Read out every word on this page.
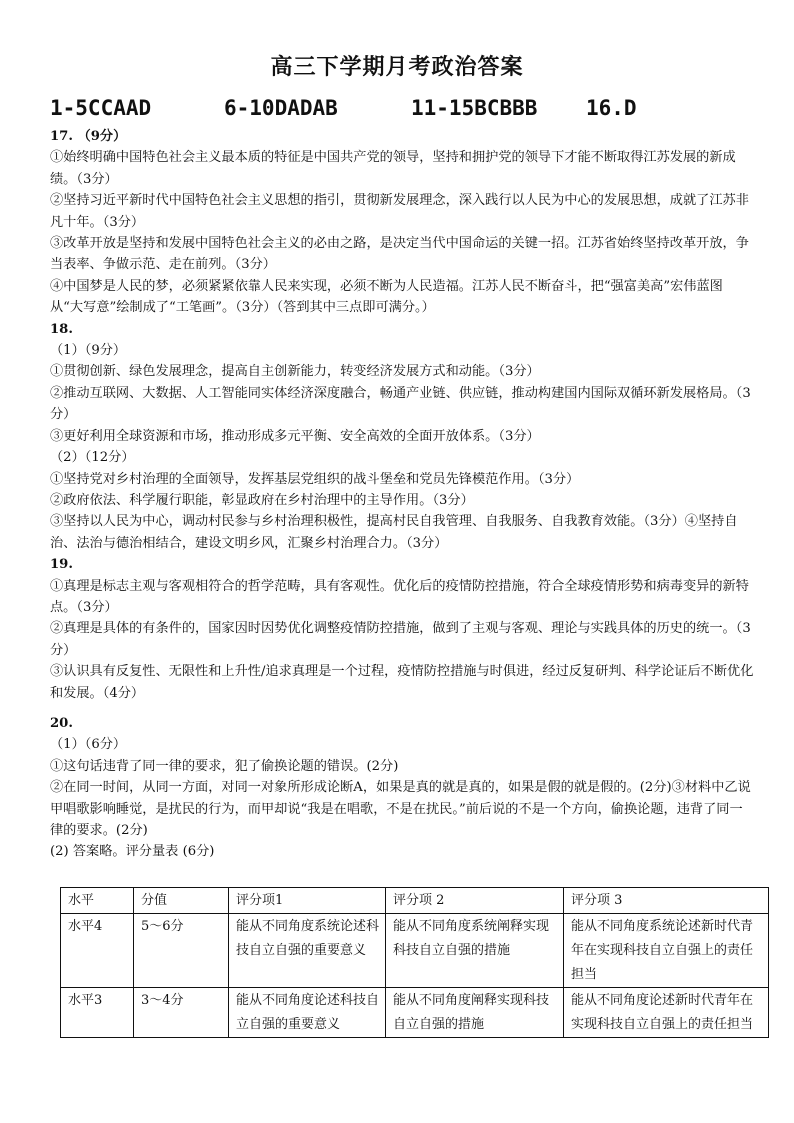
高三下学期月考政治答案
1-5CCAAD	6-10DADAB	11-15BCBBB 16.D

17. （9分）

①始终明确中国特色社会主义最本质的特征是中国共产党的领导，坚持和拥护党的领导下才能不断取得江苏发展的新成绩。（3分）

②坚持习近平新时代中国特色社会主义思想的指引，贯彻新发展理念，深入践行以人民为中心的发展思想，成就了江苏非凡十年。（3分）

③改革开放是坚持和发展中国特色社会主义的必由之路，是决定当代中国命运的关键一招。江苏省始终坚持改革开放，争当表率、争做示范、走在前列。（3分）

④中国梦是人民的梦，必须紧紧依靠人民来实现，必须不断为人民造福。江苏人民不断奋斗，把“强富美高”宏伟蓝图从“大写意”绘制成了“工笔画”。（3分）（答到其中三点即可满分。）

18.

（1）（9分）

①贯彻创新、绿色发展理念，提高自主创新能力，转变经济发展方式和动能。（3分）

②推动互联网、大数据、人工智能同实体经济深度融合，畅通产业链、供应链，推动构建国内国际双循环新发展格局。（3分）

③更好利用全球资源和市场，推动形成多元平衡、安全高效的全面开放体系。（3分）

（2）（12分）

①坚持党对乡村治理的全面领导，发挥基层党组织的战斗堡垒和党员先锋模范作用。（3分）

②政府依法、科学履行职能，彰显政府在乡村治理中的主导作用。（3分）

③坚持以人民为中心，调动村民参与乡村治理积极性，提高村民自我管理、自我服务、自我教育效能。（3分）④坚持自治、法治与德治相结合，建设文明乡风，汇聚乡村治理合力。（3分）

19.

①真理是标志主观与客观相符合的哲学范畴，具有客观性。优化后的疫情防控措施，符合全球疫情形势和病毒变异的新特点。（3分）

②真理是具体的有条件的，国家因时因势优化调整疫情防控措施，做到了主观与客观、理论与实践具体的历史的统一。（3分）

③认识具有反复性、无限性和上升性/追求真理是一个过程，疫情防控措施与时俱进，经过反复研判、科学论证后不断优化和发展。（4分）

20.

（1）（6分）

①这句话违背了同一律的要求，犯了偷换论题的错误。(2分)

②在同一时间，从同一方面，对同一对象所形成论断A，如果是真的就是真的，如果是假的就是假的。(2分)③材料中乙说甲唱歌影响睡觉，是扰民的行为，而甲却说“我是在唱歌，不是在扰民。”前后说的不是一个方向，偷换论题，违背了同一律的要求。(2分)

(2) 答案略。评分量表 (6分)

水平	分值	评分项1	评分项 2	评分项 3
水平4	5～6分	能从不同角度系统论述科技自立自强的重要意义	能从不同角度系统阐释实现科技自立自强的措施	能从不同角度系统论述新时代青年在实现科技自立自强上的责任担当
水平3	3～4分	能从不同角度论述科技自立自强的重要意义	能从不同角度阐释实现科技自立自强的措施	能从不同角度论述新时代青年在实现科技自立自强上的责任担当
